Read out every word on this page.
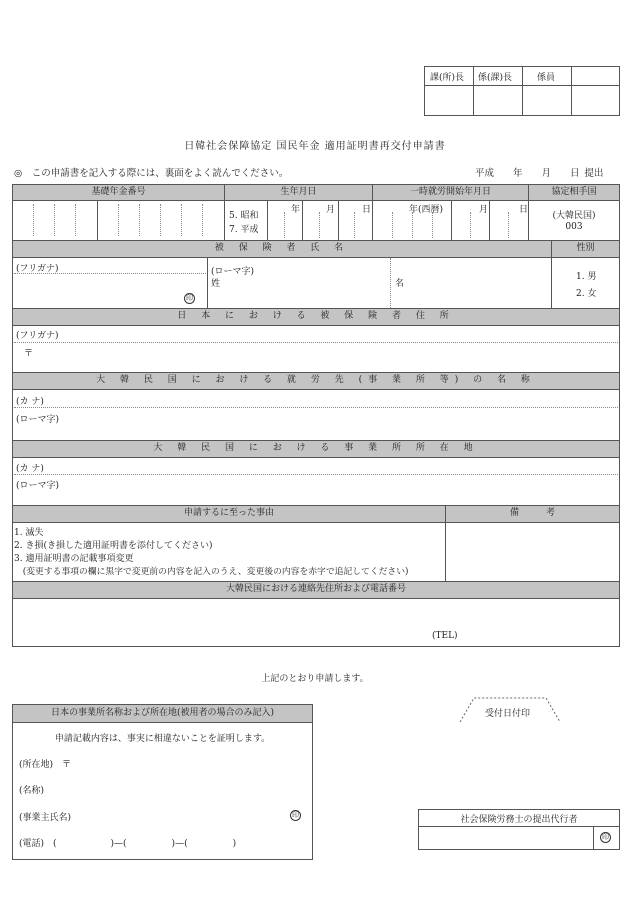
課(所)長 係(課)長	係員
日韓社会保障協定 国民年金 適用証明書再交付申請書
◎　この申請書を記入する際には、裏面をよく読んでください。	平成   年   月   日  提出
基礎年金番号	生年月日	一時就労開始年月日	協定相手国
5. 昭和
7. 平成
年	月	日	年(西暦)	月	日
(大韓民国)
003
被 保 険 者 氏 名	性別
(フリガナ)
印
(ローマ字)
姓	名
1. 男
2. 女
日 本 に お け る 被 保 険 者 住 所
(フリガナ)
〒
大 韓 民 国 に お け る 就 労 先 (事 業 所 等) の 名 称
(カ ナ)
(ローマ字)
大 韓 民 国 に お け る 事 業 所 所 在 地
(カ ナ)
(ローマ字)
申請するに至った事由	備　　　考
1. 滅失
2. き損(き損した適用証明書を添付してください)
3. 適用証明書の記載事項変更
　(変更する事項の欄に黒字で変更前の内容を記入のうえ、変更後の内容を赤字で追記してください)
大韓民国における連絡先住所および電話番号
(TEL)
上記のとおり申請します。
日本の事業所名称および所在地(被用者の場合のみ記入)
申請記載内容は、事実に相違ないことを証明します。
(所在地)　〒
(名称)
(事業主氏名)	印
(電話)　(　　　　　　)—(　　　　　)—(　　　　　)
受付日付印
社会保険労務士の提出代行者
印
